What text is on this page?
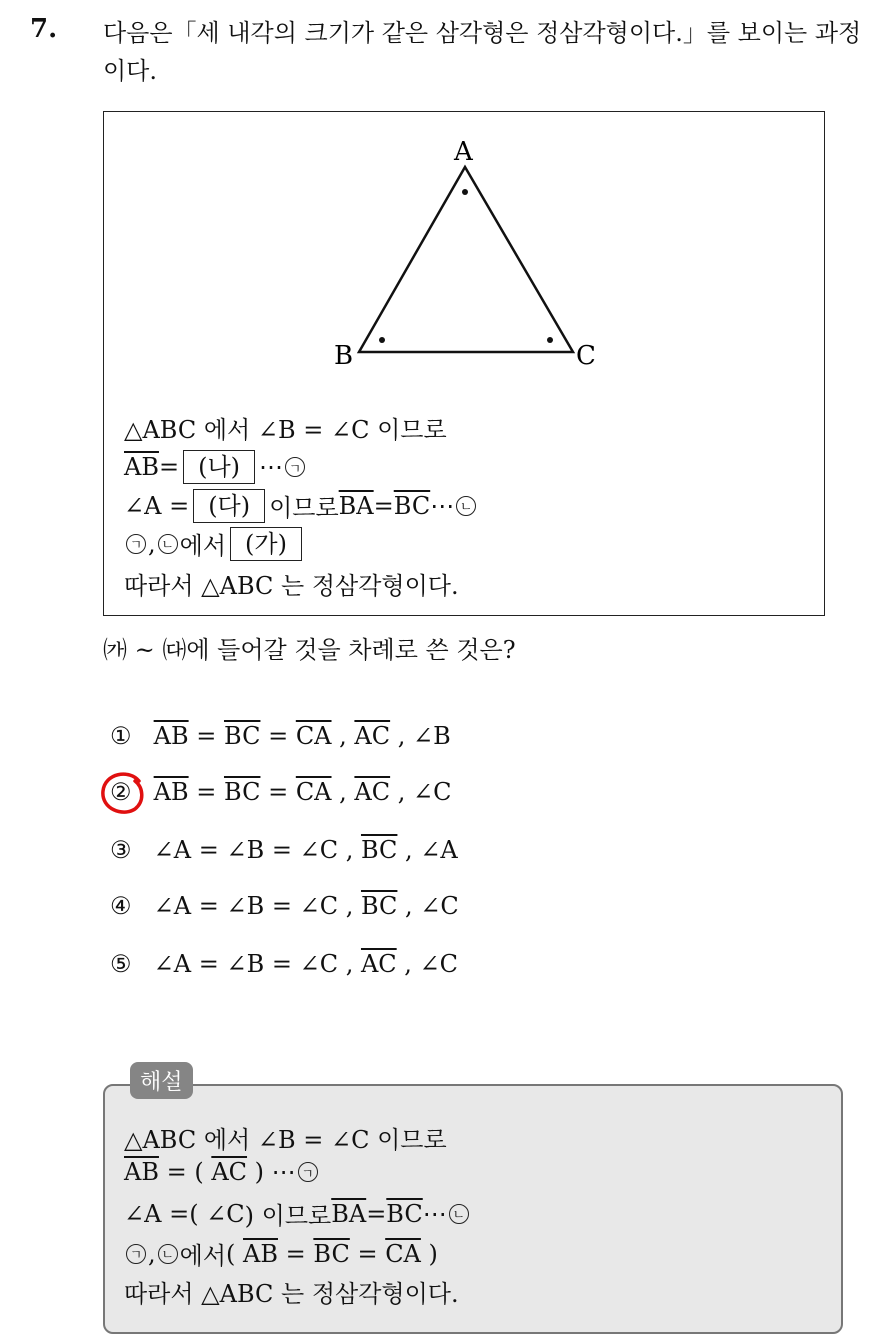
7. 다음은「세 내각의 크기가 같은 삼각형은 정삼각형이다.」를 보이는 과정이다.
A
B	C
△ABC 에서 ∠B = ∠C 이므로
$\overline{AB}$ = (나) ⋯ ㄱ
∠A = (다) 이므로 $\overline{BA} = \overline{BC}$ ⋯ ㄴ
ㄱ , ㄴ 에서 (가)
따라서 △ABC 는 정삼각형이다.
㈎ ~ ㈐에 들어갈 것을 차례로 쓴 것은?
① $\overline{AB} = \overline{BC} = \overline{CA}$ , $\overline{AC}$ , ∠B
② $\overline{AB} = \overline{BC} = \overline{CA}$ , $\overline{AC}$ , ∠C
③ ∠A = ∠B = ∠C , $\overline{BC}$ , ∠A
④ ∠A = ∠B = ∠C , $\overline{BC}$ , ∠C
⑤ ∠A = ∠B = ∠C , $\overline{AC}$ , ∠C
해설
△ABC 에서 ∠B = ∠C 이므로
$\overline{AB}$ = ( $\overline{AC}$ ) ⋯ ㄱ
∠A = ( ∠C ) 이므로 $\overline{BA} = \overline{BC}$ ⋯ ㄴ
ㄱ , ㄴ 에서 ( $\overline{AB} = \overline{BC} = \overline{CA}$ )
따라서 △ABC 는 정삼각형이다.
